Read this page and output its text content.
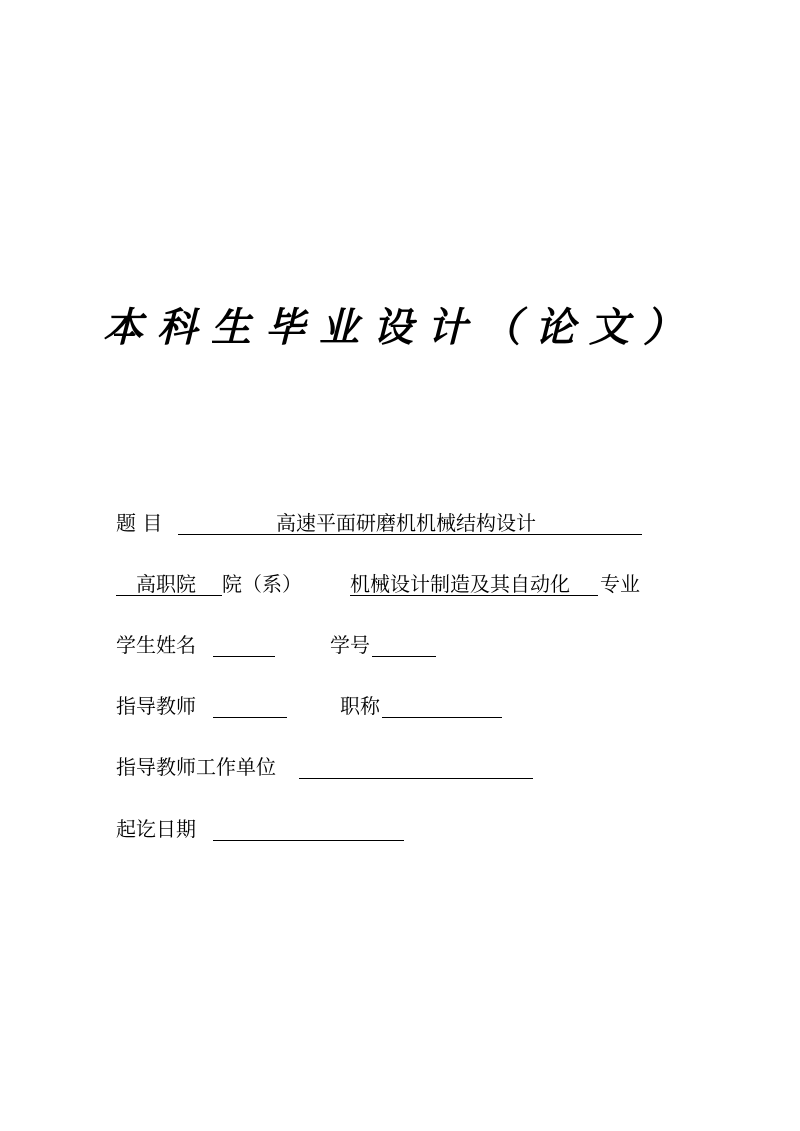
本科生毕业设计（论文）
题 目	高速平面研磨机机械结构设计
高职院 院（系） 机械设计制造及其自动化 专业
学生姓名	学号
指导教师	职称
指导教师工作单位
起讫日期
